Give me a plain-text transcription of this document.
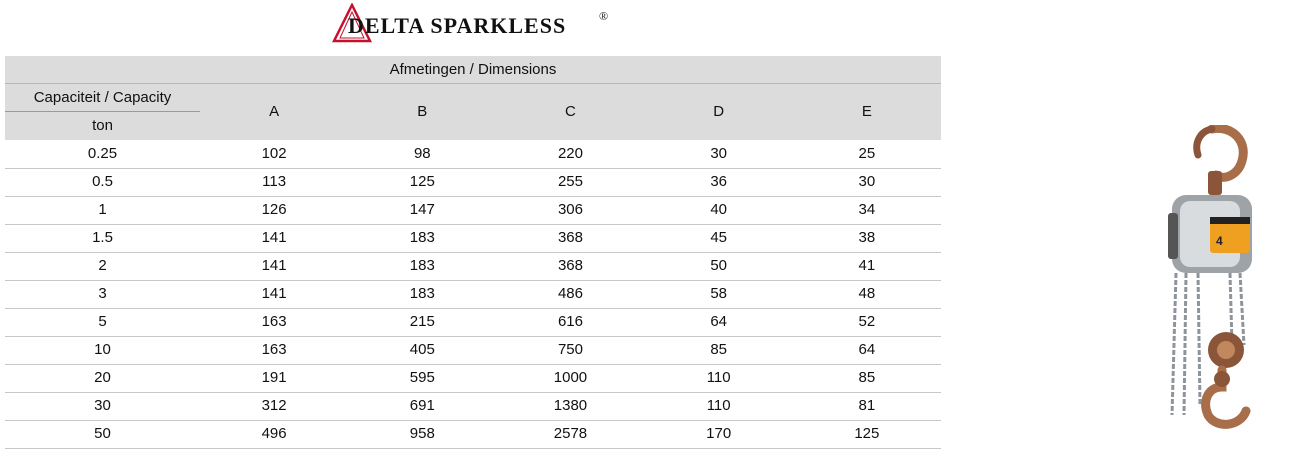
DELTA SPARKLESS	®
Afmetingen / Dimensions
Capaciteit / Capacity
ton
A	B	C	D	E
0.25	102	98	220	30	25
0.5	113	125	255	36	30
1	126	147	306	40	34
1.5	141	183	368	45	38
2	141	183	368	50	41
3	141	183	486	58	48
5	163	215	616	64	52
10	163	405	750	85	64
20	191	595	1000	110	85
30	312	691	1380	110	81
50	496	958	2578	170	125
4
